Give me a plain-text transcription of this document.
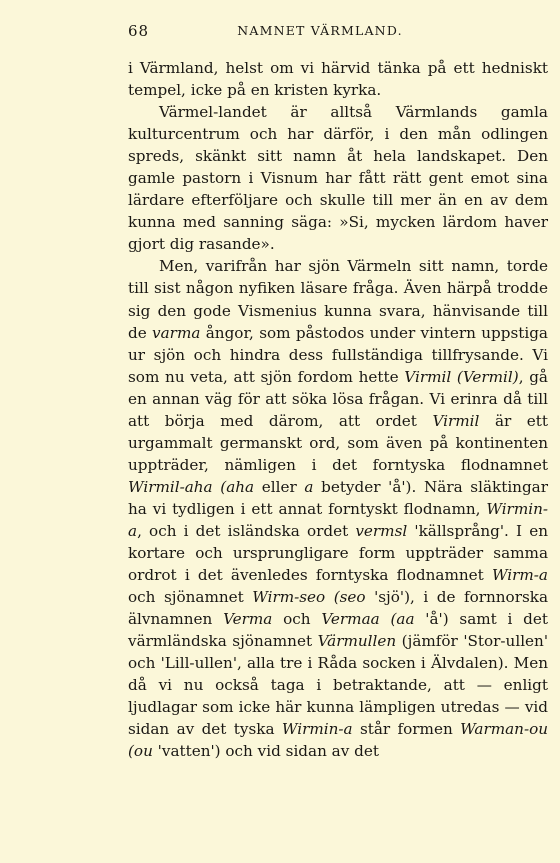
68	NAMNET VÄRMLAND.

i Värmland, helst om vi härvid tänka på ett hedniskt tempel, icke på en kristen kyrka.

Värmel-landet är alltså Värmlands gamla kulturcentrum och har därför, i den mån odlingen spreds, skänkt sitt namn åt hela landskapet. Den gamle pastorn i Visnum har fått rätt gent emot sina lärdare efterföljare och skulle till mer än en av dem kunna med sanning säga: »Si, mycken lärdom haver gjort dig rasande».

Men, varifrån har sjön Värmeln sitt namn, torde till sist någon nyfiken läsare fråga. Även härpå trodde sig den gode Vismenius kunna svara, hänvisande till de varma ångor, som påstodos under vintern uppstiga ur sjön och hindra dess fullständiga tillfrysande. Vi som nu veta, att sjön fordom hette Virmil (Vermil), gå en annan väg för att söka lösa frågan. Vi erinra då till att börja med därom, att ordet Virmil är ett urgammalt germanskt ord, som även på kontinenten uppträder, nämligen i det forntyska flodnamnet Wirmil-aha (aha eller a betyder 'å'). Nära släktingar ha vi tydligen i ett annat forntyskt flodnamn, Wirmin-a, och i det isländska ordet vermsl 'källsprång'. I en kortare och ursprungligare form uppträder samma ordrot i det ävenledes forntyska flodnamnet Wirm-a och sjönamnet Wirm-seo (seo 'sjö'), i de fornnorska älvnamnen Verma och Vermaa (aa 'å') samt i det värmländska sjönamnet Värmullen (jämför 'Stor-ullen' och 'Lill-ullen', alla tre i Råda socken i Älvdalen). Men då vi nu också taga i betraktande, att — enligt ljudlagar som icke här kunna lämpligen utredas — vid sidan av det tyska Wirmin-a står formen Warman-ou (ou 'vatten') och vid sidan av det
